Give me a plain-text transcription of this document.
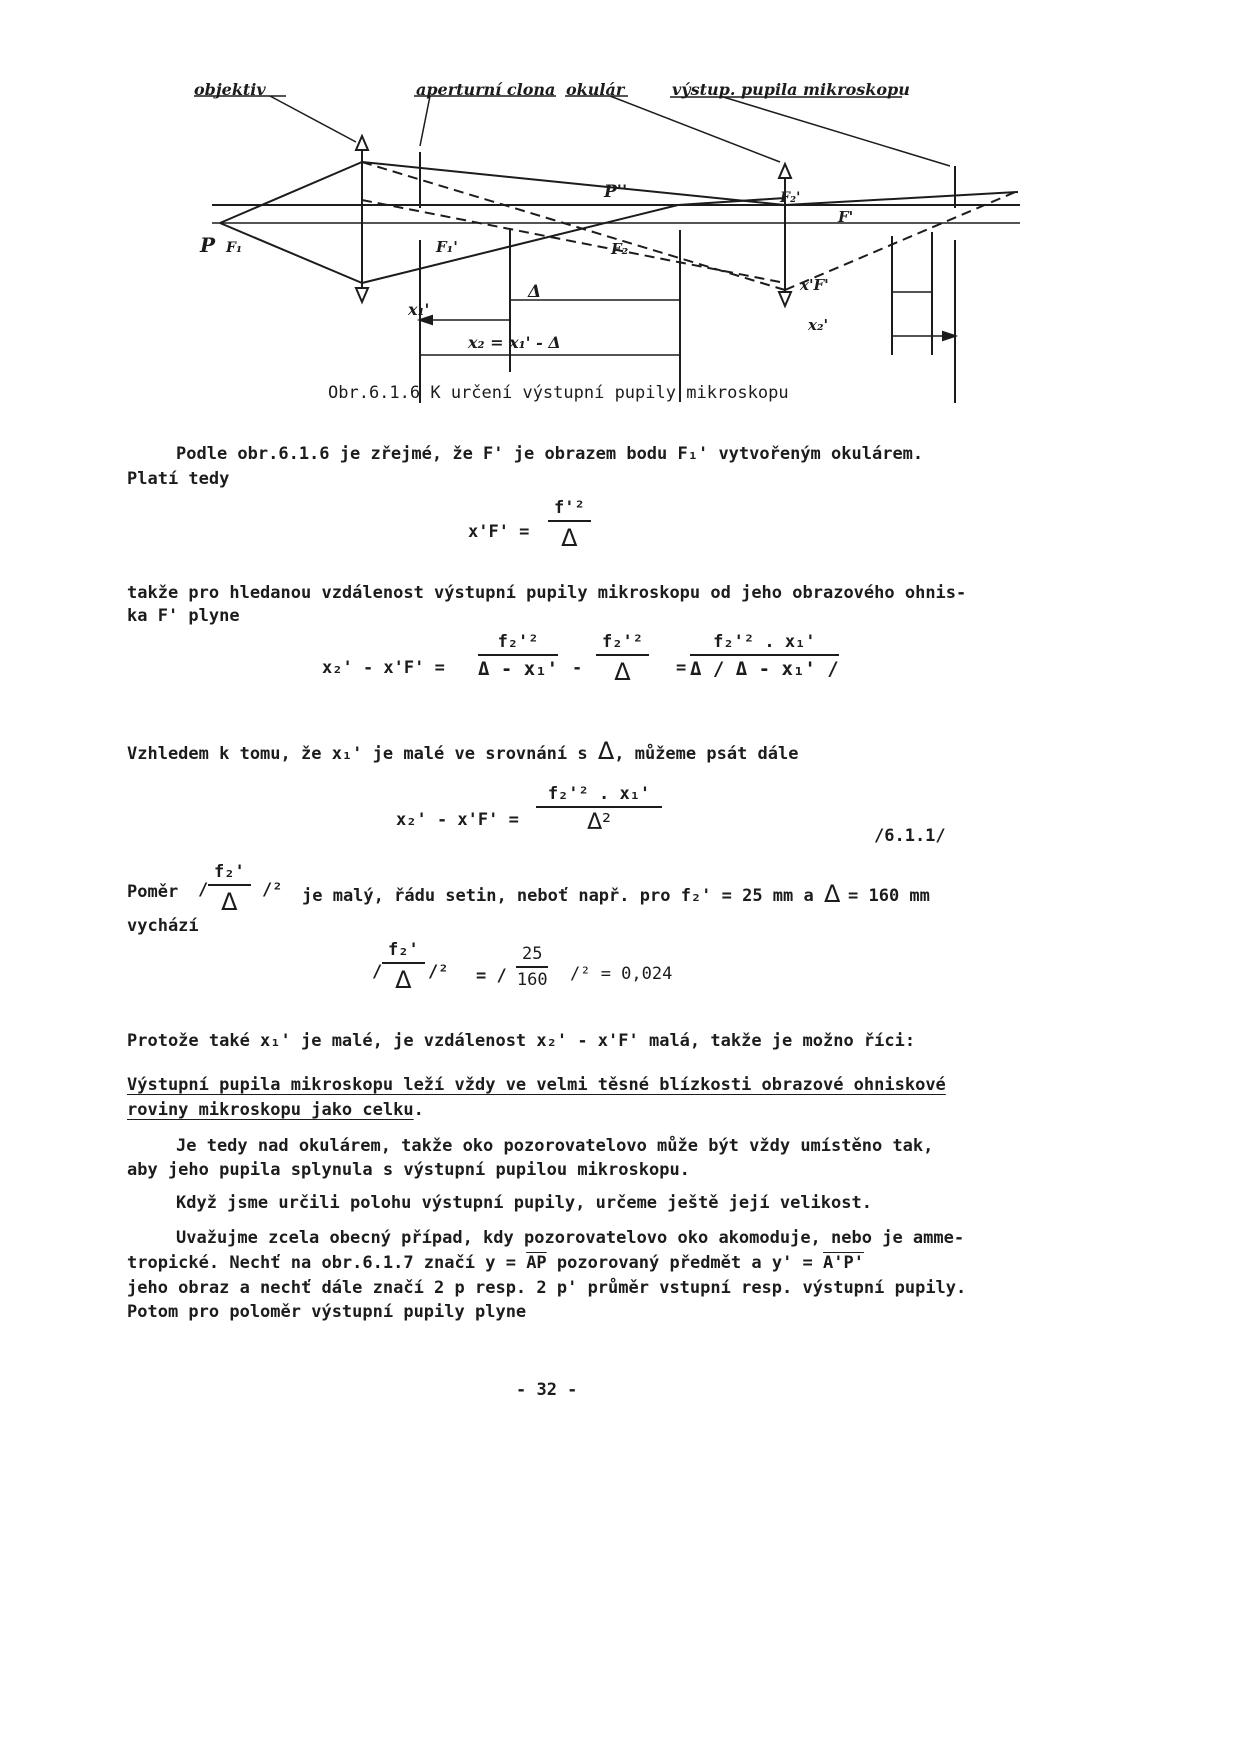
objektiv	aperturní clona okulár	výstup. pupila mikroskopu
P F₁	F₁'
P''
F₂
F₂'
F'
x₁'
Δ
x₂ = x₁' - Δ
x'F'
x₂'
Obr.6.1.6 K určení výstupní pupily mikroskopu
Podle obr.6.1.6 je zřejmé, že F' je obrazem bodu F₁' vytvořeným okulárem.
Platí tedy
x'F' =
f'²
Δ
takže pro hledanou vzdálenost výstupní pupily mikroskopu od jeho obrazového ohnis-
ka F' plyne
$x_2' - x'F' = \frac{\text{f₂'²}}{\text{Δ - x₁'}}$ -
f₂'²
Δ	= $\frac{\text{f₂'² . x₁'}}{\text{Δ / Δ - x₁' /}}$
Vzhledem k tomu, že x₁' je malé ve srovnání s Δ, můžeme psát dále
x₂' - x'F' =
f₂'² . x₁'
Δ²
/6.1.1/
Poměr /
f₂'
Δ	/² je malý, řádu setin, neboť např. pro f₂' = 25 mm a Δ = 160 mm
vychází
/
f₂'
Δ /² = / $\frac{25}{160} /^2 = 0,024$
Protože také x₁' je malé, je vzdálenost x₂' - x'F' malá, takže je možno říci:
Výstupní pupila mikroskopu leží vždy ve velmi těsné blízkosti obrazové ohniskové
roviny mikroskopu jako celku.
Je tedy nad okulárem, takže oko pozorovatelovo může být vždy umístěno tak,
aby jeho pupila splynula s výstupní pupilou mikroskopu.
Když jsme určili polohu výstupní pupily, určeme ještě její velikost.
Uvažujme zcela obecný případ, kdy pozorovatelovo oko akomoduje, nebo je amme-
tropické. Nechť na obr.6.1.7 značí $y = \overline{AP}$ pozorovaný předmět a y' = A'P'
jeho obraz a nechť dále značí 2 p resp. 2 p' průměr vstupní resp. výstupní pupily.
Potom pro poloměr výstupní pupily plyne
- 32 -
